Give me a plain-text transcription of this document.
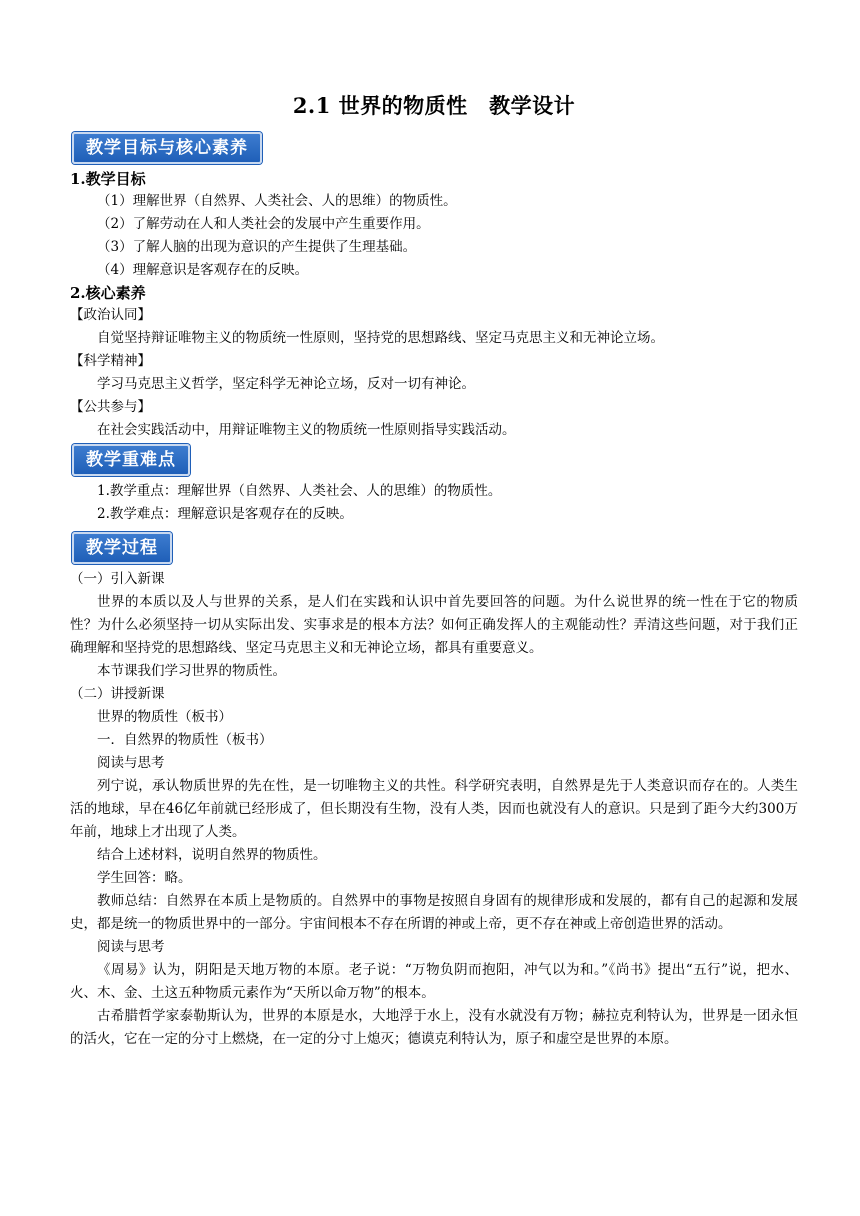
2.1 世界的物质性　教学设计
教学目标与核心素养
1.教学目标
（1）理解世界（自然界、人类社会、人的思维）的物质性。
（2）了解劳动在人和人类社会的发展中产生重要作用。
（3）了解人脑的出现为意识的产生提供了生理基础。
（4）理解意识是客观存在的反映。
2.核心素养
【政治认同】
自觉坚持辩证唯物主义的物质统一性原则，坚持党的思想路线、坚定马克思主义和无神论立场。
【科学精神】
学习马克思主义哲学，坚定科学无神论立场，反对一切有神论。
【公共参与】
在社会实践活动中，用辩证唯物主义的物质统一性原则指导实践活动。
教学重难点
1.教学重点：理解世界（自然界、人类社会、人的思维）的物质性。
2.教学难点：理解意识是客观存在的反映。
教学过程
（一）引入新课
世界的本质以及人与世界的关系，是人们在实践和认识中首先要回答的问题。为什么说世界的统一性在于它的物质性？为什么必须坚持一切从实际出发、实事求是的根本方法？如何正确发挥人的主观能动性？弄清这些问题，对于我们正确理解和坚持党的思想路线、坚定马克思主义和无神论立场，都具有重要意义。
本节课我们学习世界的物质性。
（二）讲授新课
世界的物质性（板书）
一．自然界的物质性（板书）
阅读与思考
列宁说，承认物质世界的先在性，是一切唯物主义的共性。科学研究表明，自然界是先于人类意识而存在的。人类生活的地球，早在46亿年前就已经形成了，但长期没有生物，没有人类，因而也就没有人的意识。只是到了距今大约300万年前，地球上才出现了人类。
结合上述材料，说明自然界的物质性。
学生回答：略。
教师总结：自然界在本质上是物质的。自然界中的事物是按照自身固有的规律形成和发展的，都有自己的起源和发展史，都是统一的物质世界中的一部分。宇宙间根本不存在所谓的神或上帝，更不存在神或上帝创造世界的活动。
阅读与思考
《周易》认为，阴阳是天地万物的本原。老子说：“万物负阴而抱阳，冲气以为和。”《尚书》提出“五行”说，把水、火、木、金、土这五种物质元素作为“天所以命万物”的根本。
古希腊哲学家泰勒斯认为，世界的本原是水，大地浮于水上，没有水就没有万物；赫拉克利特认为，世界是一团永恒的活火，它在一定的分寸上燃烧，在一定的分寸上熄灭；德谟克利特认为，原子和虚空是世界的本原。
